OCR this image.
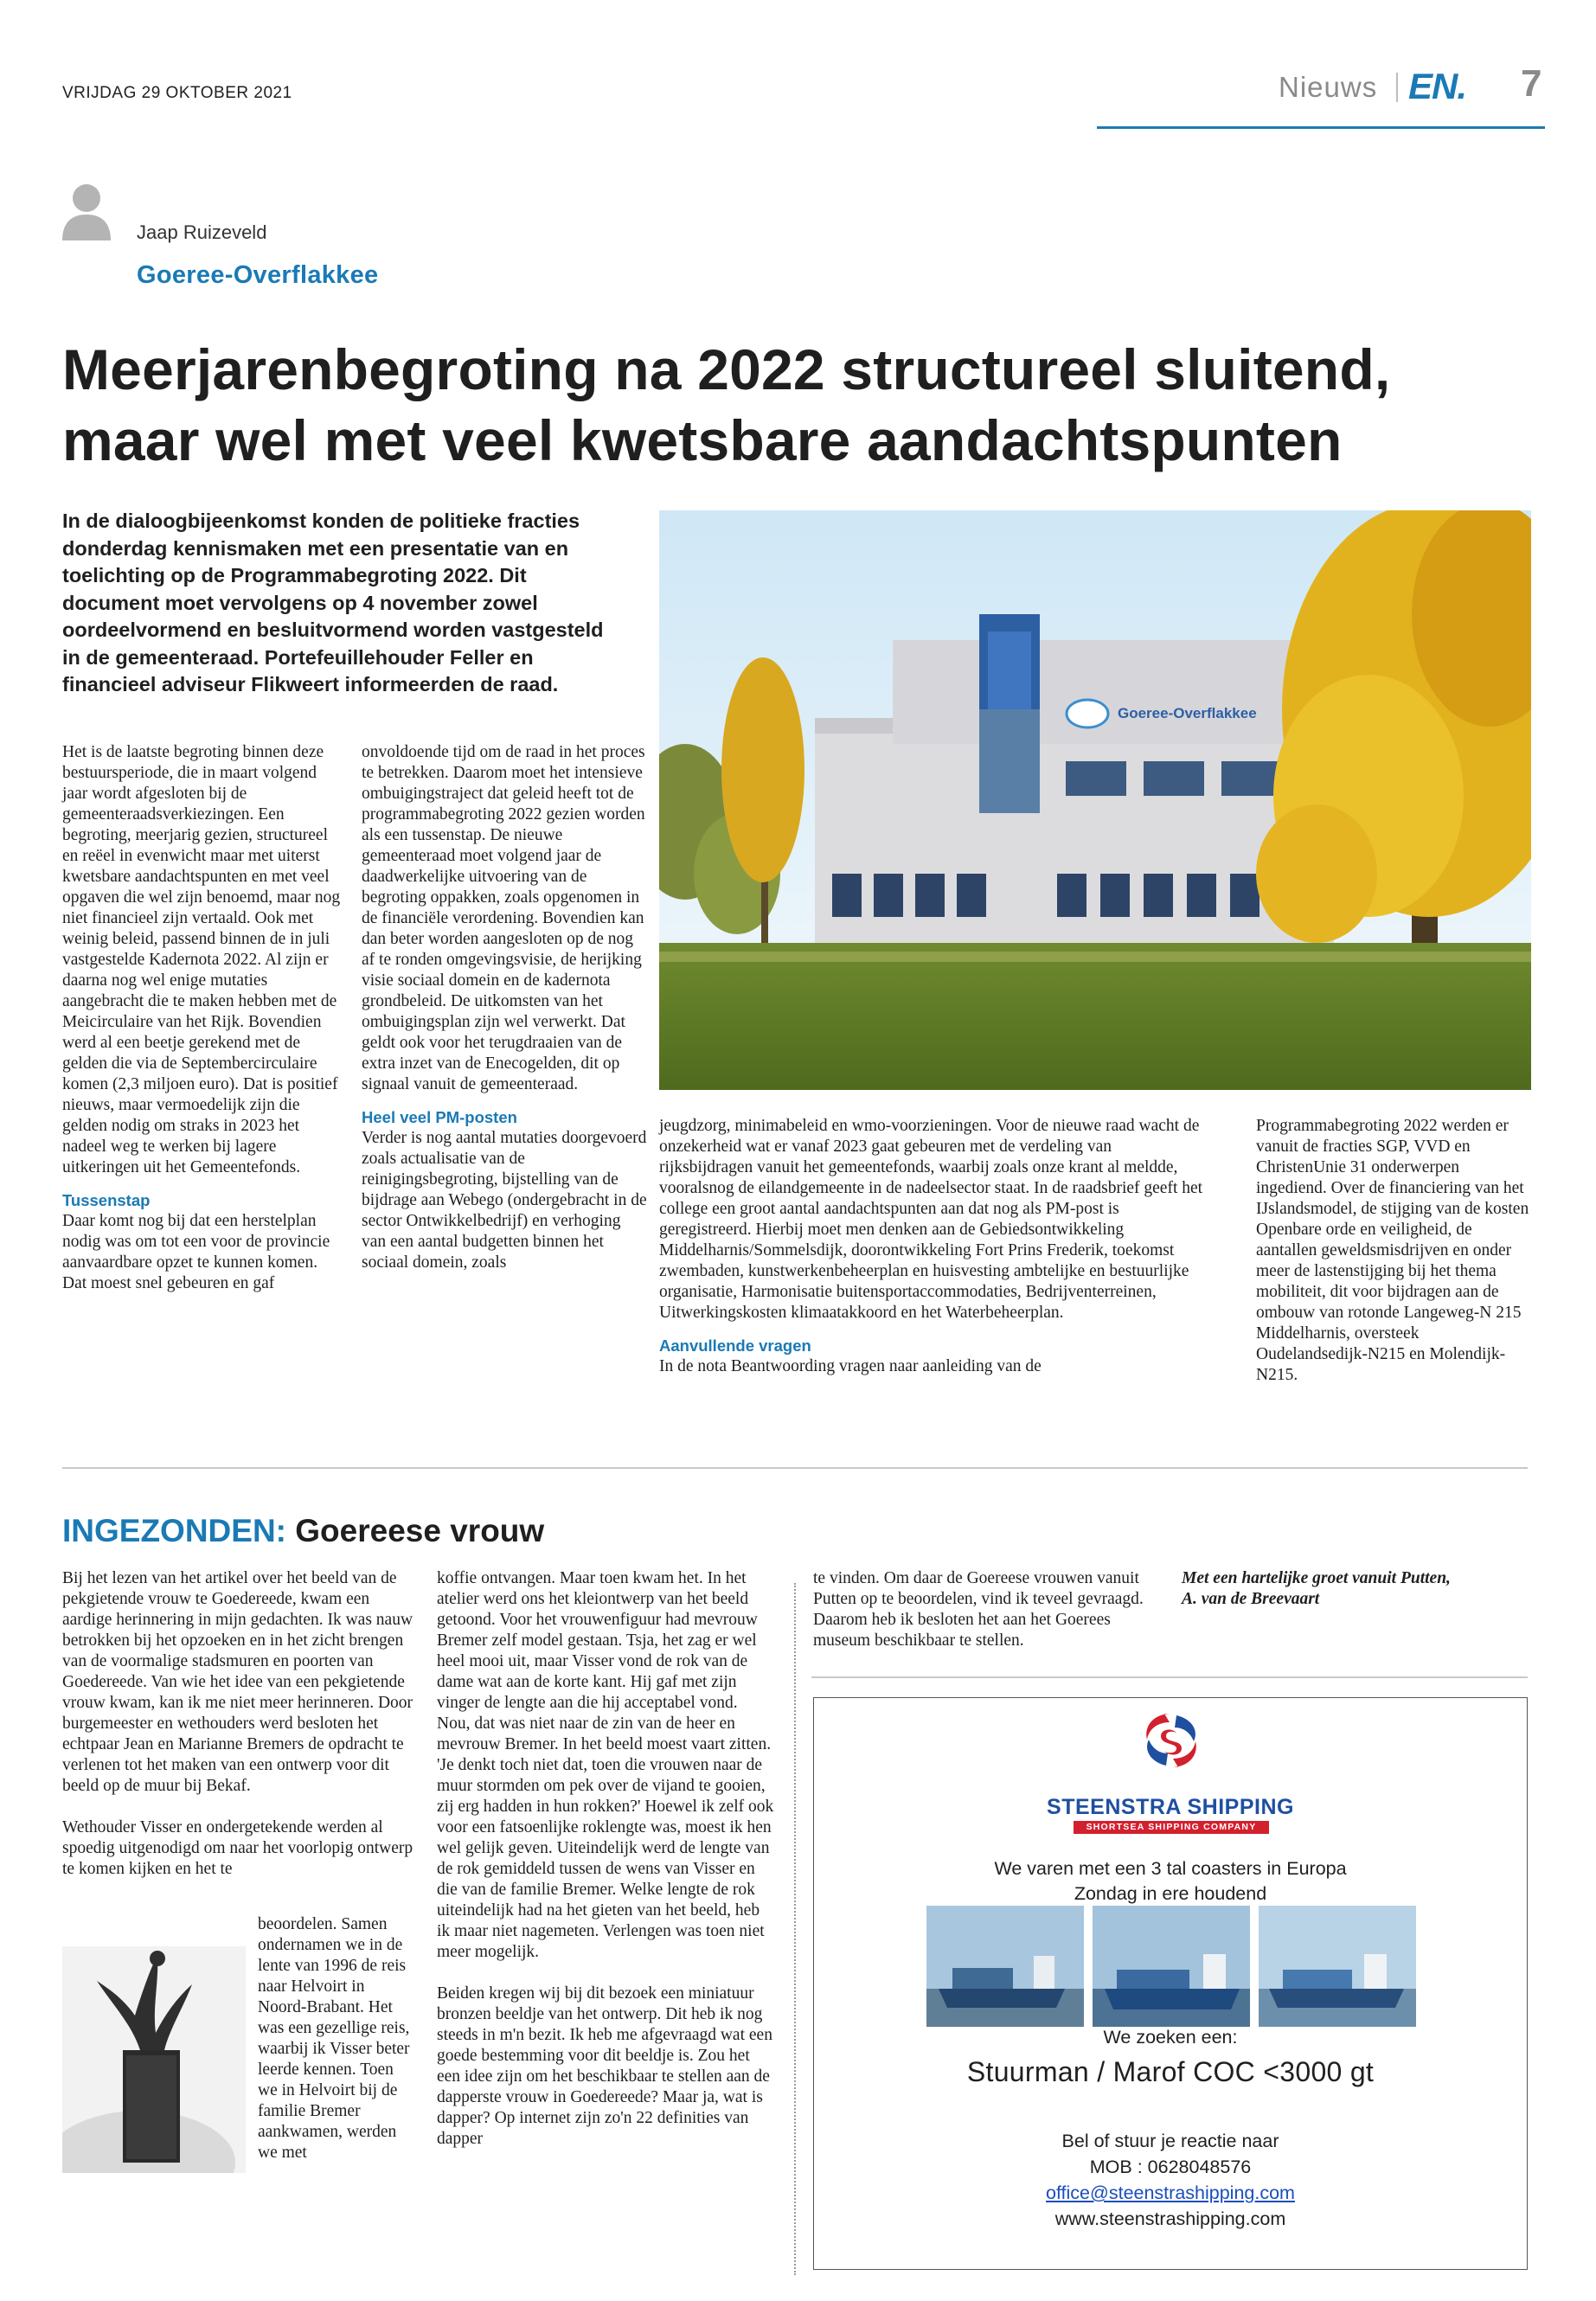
VRIJDAG 29 OKTOBER 2021	Nieuws EN. 7
Jaap Ruizeveld
Goeree-Overflakkee
Meerjarenbegroting na 2022 structureel sluitend,
maar wel met veel kwetsbare aandachtspunten
In de dialoogbijeenkomst konden de politieke fracties donderdag kennismaken met een presentatie van en toelichting op de Programmabegroting 2022. Dit document moet vervolgens op 4 november zowel oordeelvormend en besluitvormend worden vastgesteld in de gemeenteraad. Portefeuillehouder Feller en financieel adviseur Flikweert informeerden de raad.

Het is de laatste begroting binnen deze bestuursperiode, die in maart volgend jaar wordt afgesloten bij de gemeenteraadsverkiezingen. Een begroting, meerjarig gezien, structureel en reëel in evenwicht maar met uiterst kwetsbare aandachtspunten en met veel opgaven die wel zijn benoemd, maar nog niet financieel zijn vertaald. Ook met weinig beleid, passend binnen de in juli vastgestelde Kadernota 2022. Al zijn er daarna nog wel enige mutaties aangebracht die te maken hebben met de Meicirculaire van het Rijk. Bovendien werd al een beetje gerekend met de gelden die via de Septembercirculaire komen (2,3 miljoen euro). Dat is positief nieuws, maar vermoedelijk zijn die gelden nodig om straks in 2023 het nadeel weg te werken bij lagere uitkeringen uit het Gemeentefonds.

Tussenstap

Daar komt nog bij dat een herstelplan nodig was om tot een voor de provincie aanvaardbare opzet te kunnen komen. Dat moest snel gebeuren en gaf

onvoldoende tijd om de raad in het proces te betrekken. Daarom moet het intensieve ombuigingstraject dat geleid heeft tot de programmabegroting 2022 gezien worden als een tussenstap. De nieuwe gemeenteraad moet volgend jaar de daadwerkelijke uitvoering van de begroting oppakken, zoals opgenomen in de financiële verordening. Bovendien kan dan beter worden aangesloten op de nog af te ronden omgevingsvisie, de herijking visie sociaal domein en de kadernota grondbeleid. De uitkomsten van het ombuigingsplan zijn wel verwerkt. Dat geldt ook voor het terugdraaien van de extra inzet van de Enecogelden, dit op signaal vanuit de gemeenteraad.

Heel veel PM-posten

Verder is nog aantal mutaties doorgevoerd zoals actualisatie van de reinigingsbegroting, bijstelling van de bijdrage aan Webego (ondergebracht in de sector Ontwikkelbedrijf) en verhoging van een aantal budgetten binnen het sociaal domein, zoals

jeugdzorg, minimabeleid en wmo-voorzieningen. Voor de nieuwe raad wacht de onzekerheid wat er vanaf 2023 gaat gebeuren met de verdeling van rijksbijdragen vanuit het gemeentefonds, waarbij zoals onze krant al meldde, vooralsnog de eilandgemeente in de nadeelsector staat. In de raadsbrief geeft het college een groot aantal aandachtspunten aan dat nog als PM-post is geregistreerd. Hierbij moet men denken aan de Gebiedsontwikkeling Middelharnis/Sommelsdijk, doorontwikkeling Fort Prins Frederik, toekomst zwembaden, kunstwerkenbeheerplan en huisvesting ambtelijke en bestuurlijke organisatie, Harmonisatie buitensportaccommodaties, Bedrijventerreinen, Uitwerkingskosten klimaatakkoord en het Waterbeheerplan.

Aanvullende vragen

In de nota Beantwoording vragen naar aanleiding van de

Programmabegroting 2022 werden er vanuit de fracties SGP, VVD en ChristenUnie 31 onderwerpen ingediend. Over de financiering van het IJslandsmodel, de stijging van de kosten Openbare orde en veiligheid, de aantallen geweldsmisdrijven en onder meer de lastenstijging bij het thema mobiliteit, dit voor bijdragen aan de ombouw van rotonde Langeweg-N 215 Middelharnis, oversteek Oudelandsedijk-N215 en Molendijk-N215.

Goeree-Overflakkee
INGEZONDEN: Goereese vrouw

Bij het lezen van het artikel over het beeld van de pekgietende vrouw te Goedereede, kwam een aardige herinnering in mijn gedachten. Ik was nauw betrokken bij het opzoeken en in het zicht brengen van de voormalige stadsmuren en poorten van Goedereede. Van wie het idee van een pekgietende vrouw kwam, kan ik me niet meer herinneren. Door burgemeester en wethouders werd besloten het echtpaar Jean en Marianne Bremers de opdracht te verlenen tot het maken van een ontwerp voor dit beeld op de muur bij Bekaf.

Wethouder Visser en ondergetekende werden al spoedig uitgenodigd om naar het voorlopig ontwerp te komen kijken en het te

beoordelen. Samen ondernamen we in de lente van 1996 de reis naar Helvoirt in Noord-Brabant. Het was een gezellige reis, waarbij ik Visser beter leerde kennen. Toen we in Helvoirt bij de familie Bremer aankwamen, werden we met

koffie ontvangen. Maar toen kwam het. In het atelier werd ons het kleiontwerp van het beeld getoond. Voor het vrouwenfiguur had mevrouw Bremer zelf model gestaan. Tsja, het zag er wel heel mooi uit, maar Visser vond de rok van de dame wat aan de korte kant. Hij gaf met zijn vinger de lengte aan die hij acceptabel vond. Nou, dat was niet naar de zin van de heer en mevrouw Bremer. In het beeld moest vaart zitten. 'Je denkt toch niet dat, toen die vrouwen naar de muur stormden om pek over de vijand te gooien, zij erg hadden in hun rokken?' Hoewel ik zelf ook voor een fatsoenlijke roklengte was, moest ik hen wel gelijk geven. Uiteindelijk werd de lengte van de rok gemiddeld tussen de wens van Visser en die van de familie Bremer. Welke lengte de rok uiteindelijk had na het gieten van het beeld, heb ik maar niet nagemeten. Verlengen was toen niet meer mogelijk.

Beiden kregen wij bij dit bezoek een miniatuur bronzen beeldje van het ontwerp. Dit heb ik nog steeds in m'n bezit. Ik heb me afgevraagd wat een goede bestemming voor dit beeldje is. Zou het een idee zijn om het beschikbaar te stellen aan de dapperste vrouw in Goedereede? Maar ja, wat is dapper? Op internet zijn zo'n 22 definities van dapper

te vinden. Om daar de Goereese vrouwen vanuit Putten op te beoordelen, vind ik teveel gevraagd. Daarom heb ik besloten het aan het Goerees museum beschikbaar te stellen.

Met een hartelijke groet vanuit Putten,
A. van de Breevaart
STEENSTRA SHIPPING
SHORTSEA SHIPPING COMPANY
We varen met een 3 tal coasters in Europa
Zondag in ere houdend
We zoeken een:
Stuurman / Marof COC <3000 gt
Bel of stuur je reactie naar
MOB : 0628048576
office@steenstrashipping.com
www.steenstrashipping.com
